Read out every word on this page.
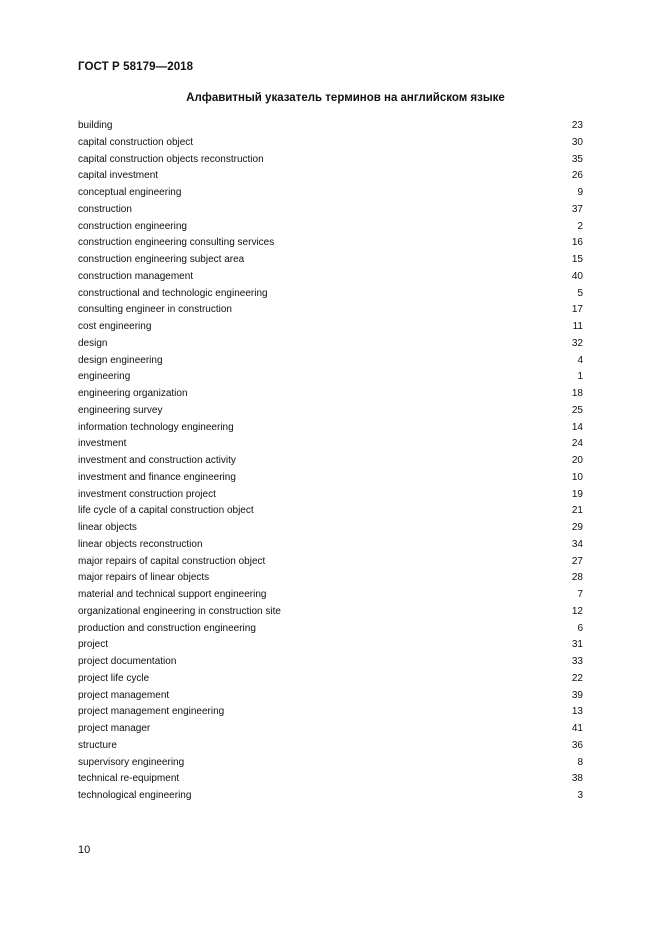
ГОСТ Р 58179—2018
Алфавитный указатель терминов на английском языке
building	23
capital construction object	30
capital construction objects reconstruction	35
capital investment	26
conceptual engineering	9
construction	37
construction engineering	2
construction engineering consulting services	16
construction engineering subject area	15
construction management	40
constructional and technologic engineering	5
consulting engineer in construction	17
cost engineering	11
design	32
design engineering	4
engineering	1
engineering organization	18
engineering survey	25
information technology engineering	14
investment	24
investment and construction activity	20
investment and finance engineering	10
investment construction project	19
life cycle of a capital construction object	21
linear objects	29
linear objects reconstruction	34
major repairs of capital construction object	27
major repairs of linear objects	28
material and technical support engineering	7
organizational engineering in construction site	12
production and construction engineering	6
project	31
project documentation	33
project life cycle	22
project management	39
project management engineering	13
project manager	41
structure	36
supervisory engineering	8
technical re-equipment	38
technological engineering	3
10
